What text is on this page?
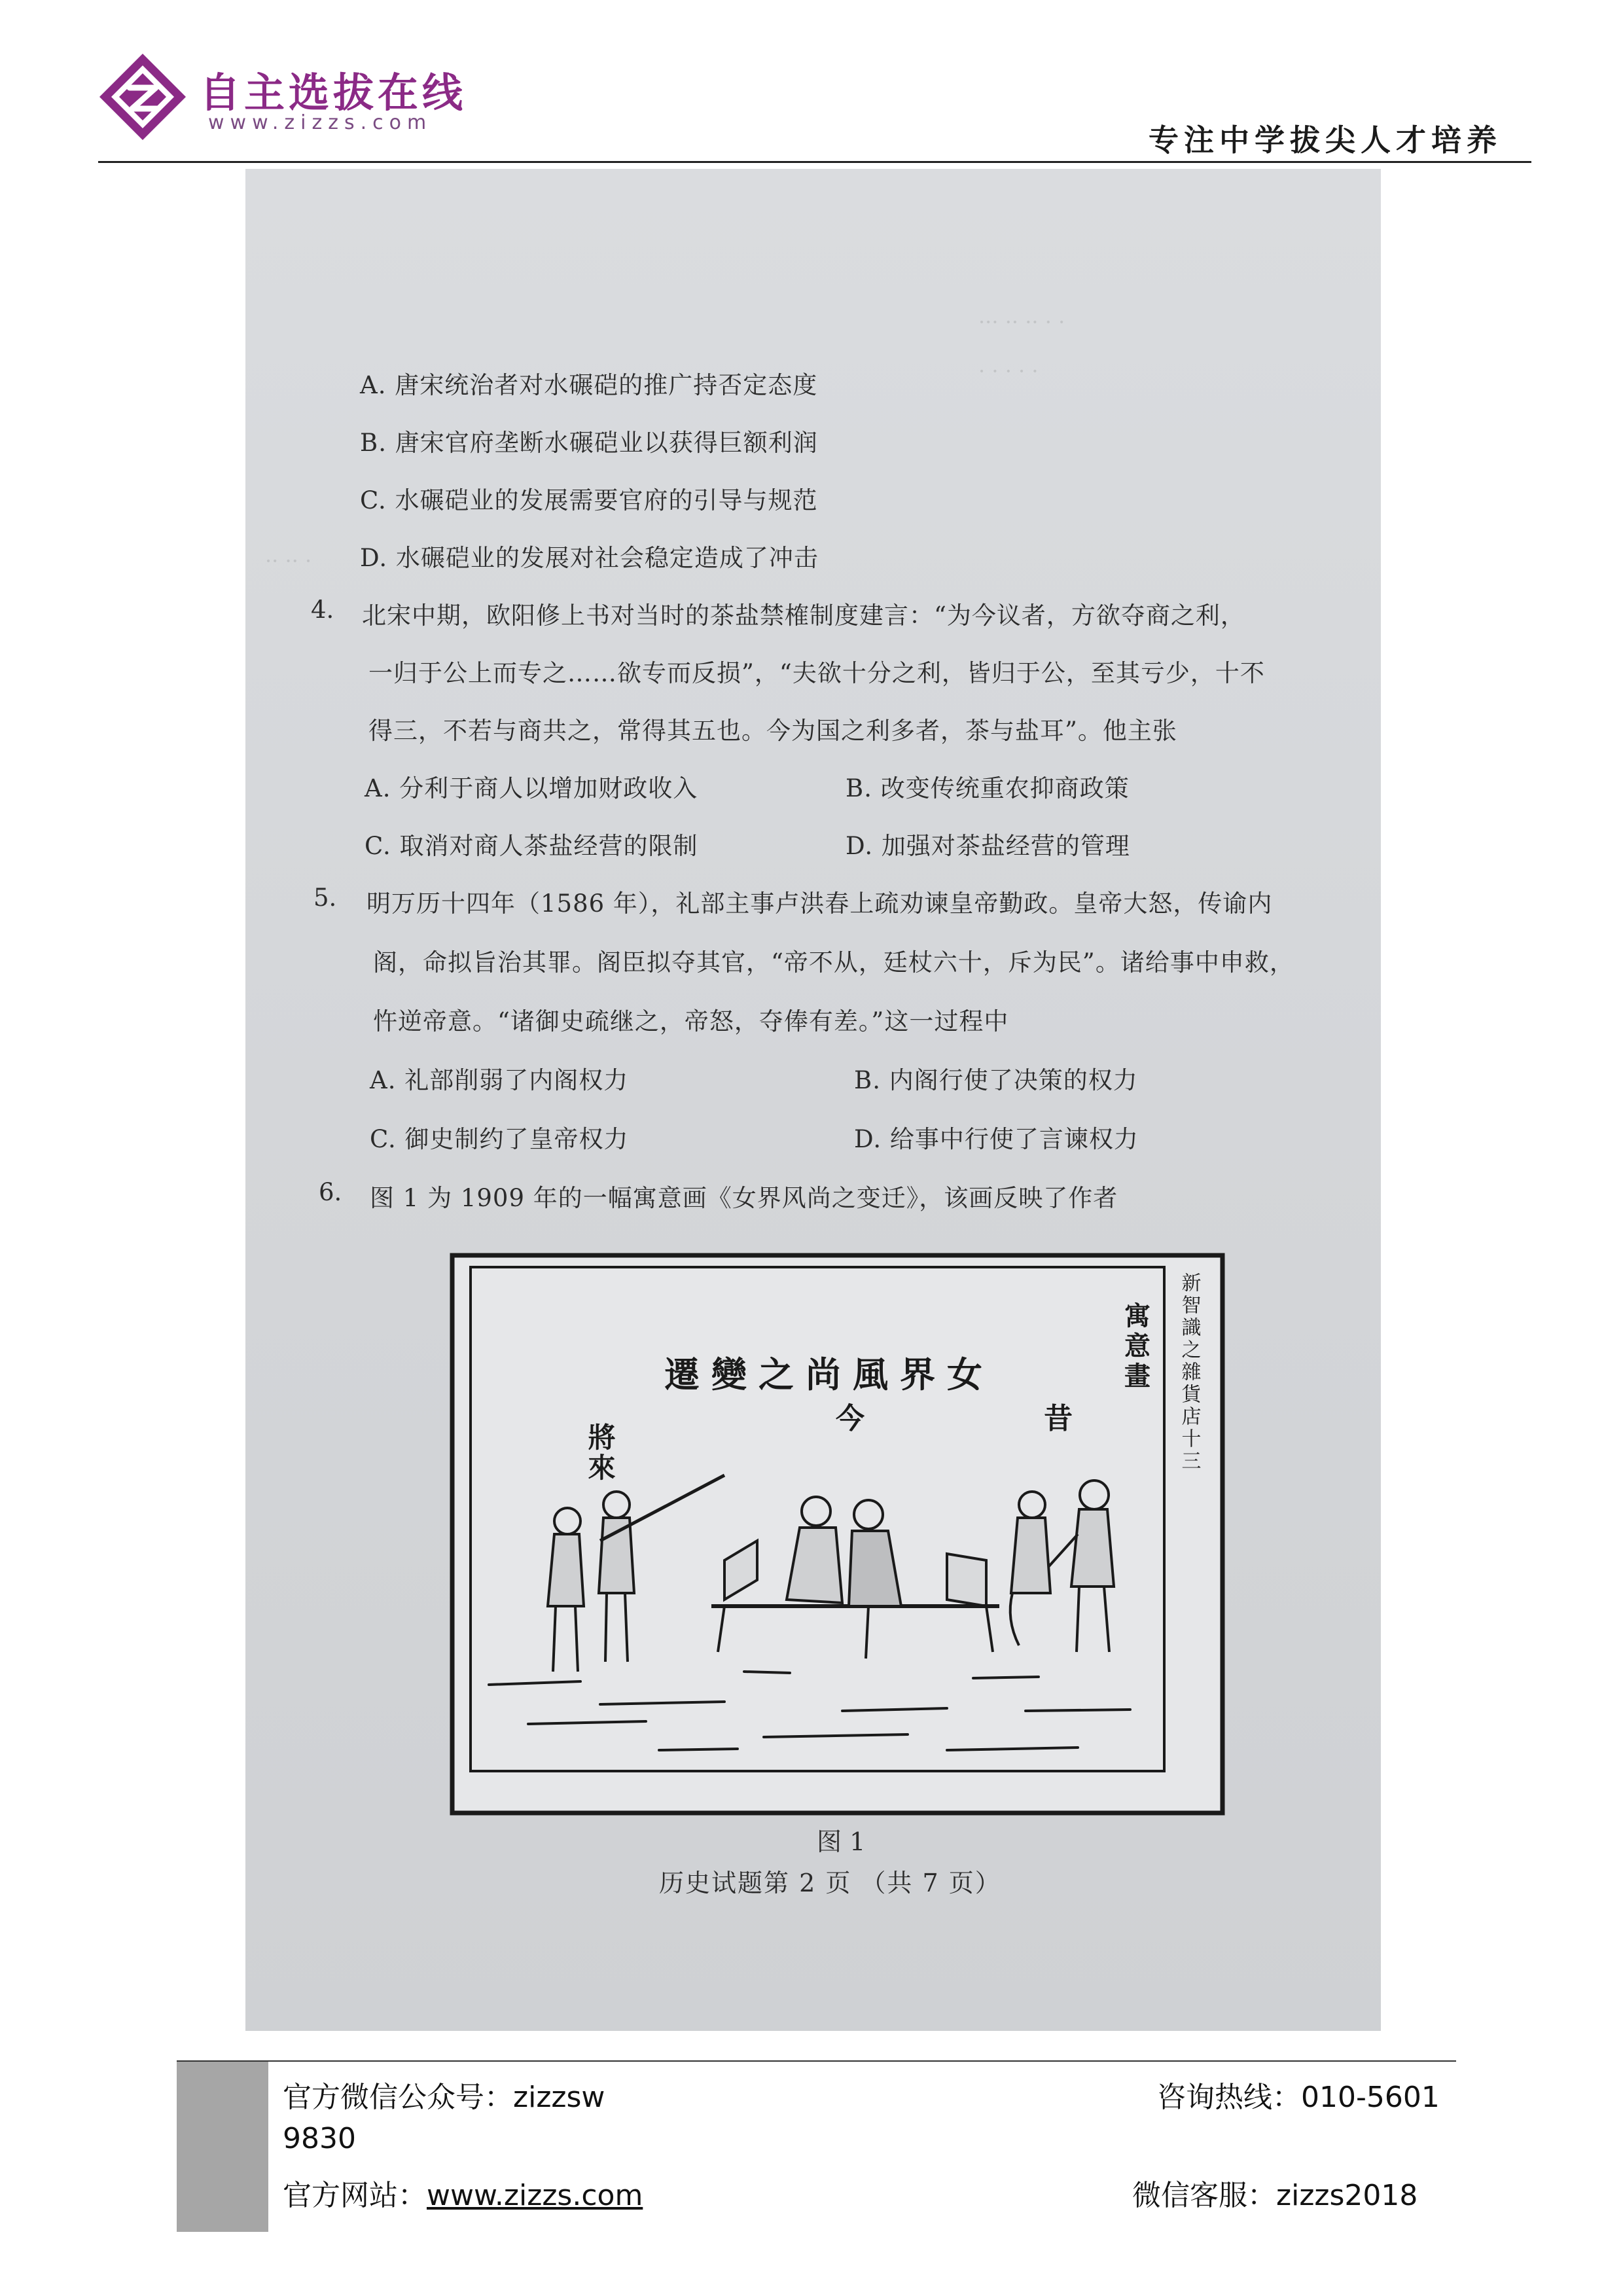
自主选拔在线
www.zizzs.com	专注中学拔尖人才培养
··· ·· ·· · ·
· · · · ·
·· ·· ·
A. 唐宋统治者对水碾硙的推广持否定态度
B. 唐宋官府垄断水碾硙业以获得巨额利润
C. 水碾硙业的发展需要官府的引导与规范
D. 水碾硙业的发展对社会稳定造成了冲击
4. 北宋中期，欧阳修上书对当时的茶盐禁榷制度建言：“为今议者，方欲夺商之利，
一归于公上而专之……欲专而反损”，“夫欲十分之利，皆归于公，至其亏少，十不
得三，不若与商共之，常得其五也。今为国之利多者，茶与盐耳”。他主张
A. 分利于商人以增加财政收入	B. 改变传统重农抑商政策
C. 取消对商人茶盐经营的限制	D. 加强对茶盐经营的管理
5. 明万历十四年（1586 年），礼部主事卢洪春上疏劝谏皇帝勤政。皇帝大怒，传谕内
阁，命拟旨治其罪。阁臣拟夺其官，“帝不从，廷杖六十，斥为民”。诸给事中申救，
忤逆帝意。“诸御史疏继之，帝怒，夺俸有差。”这一过程中
A. 礼部削弱了内阁权力	B. 内阁行使了决策的权力
C. 御史制约了皇帝权力	D. 给事中行使了言谏权力
6. 图 1 为 1909 年的一幅寓意画《女界风尚之变迁》，该画反映了作者
女界風尚之變遷	新智識之雜貨店十三
寓意畫
昔
今
將來
图 1
历史试题第 2 页 （共 7 页）
官方微信公众号：zizzsw
9830
官方网站：www.zizzs.com
咨询热线：010-5601
微信客服：zizzs2018
